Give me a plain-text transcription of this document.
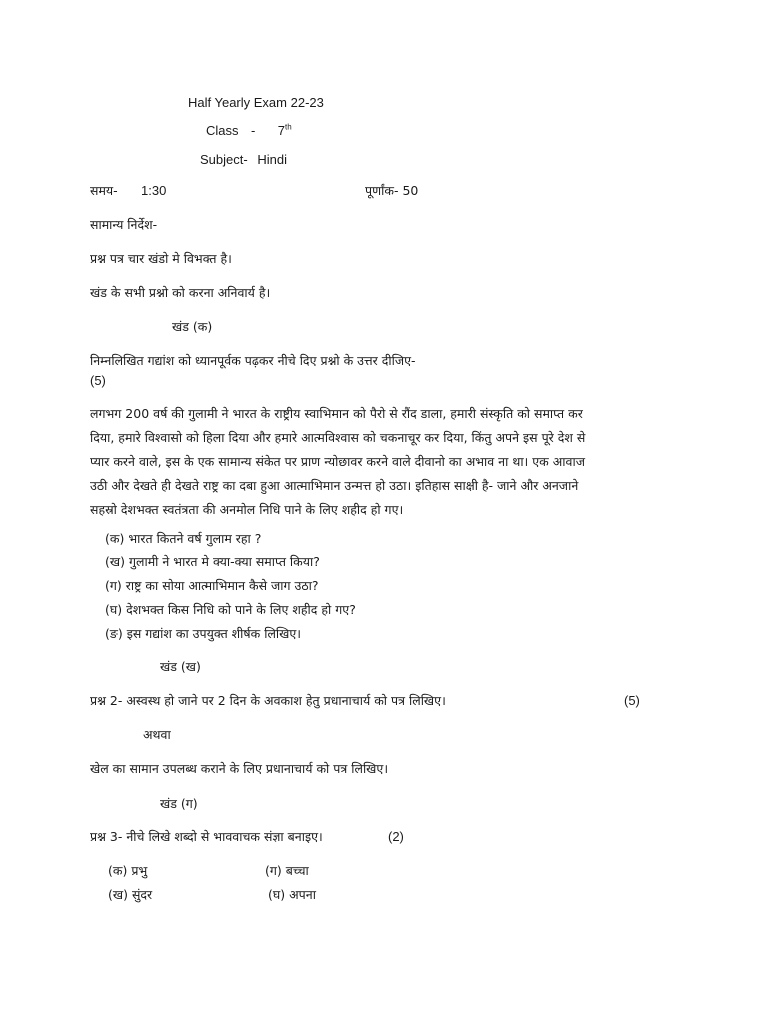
Half Yearly Exam 22-23
Class - 7th
Subject- Hindi
समय- 1:30	पूर्णांक- 50
सामान्य निर्देश-
प्रश्न पत्र चार खंडो मे विभक्त है।
खंड के सभी प्रश्नो को करना अनिवार्य है।
खंड (क)
निम्नलिखित गद्यांश को ध्यानपूर्वक पढ़कर नीचे दिए प्रश्नो के उत्तर दीजिए-
(5)
लगभग 200 वर्ष की गुलामी ने भारत के राष्ट्रीय स्वाभिमान को पैरो से रौंद डाला, हमारी संस्कृति को समाप्त कर
दिया, हमारे विश्वासो को हिला दिया और हमारे आत्मविश्वास को चकनाचूर कर दिया, किंतु अपने इस पूरे देश से
प्यार करने वाले, इस के एक सामान्य संकेत पर प्राण न्योछावर करने वाले दीवानो का अभाव ना था। एक आवाज
उठी और देखते ही देखते राष्ट्र का दबा हुआ आत्माभिमान उन्मत्त हो उठा। इतिहास साक्षी है- जाने और अनजाने
सहस्रो देशभक्त स्वतंत्रता की अनमोल निधि पाने के लिए शहीद हो गए।
(क) भारत कितने वर्ष गुलाम रहा ?
(ख) गुलामी ने भारत मे क्या-क्या समाप्त किया?
(ग) राष्ट्र का सोया आत्माभिमान कैसे जाग उठा?
(घ) देशभक्त किस निधि को पाने के लिए शहीद हो गए?
(ङ) इस गद्यांश का उपयुक्त शीर्षक लिखिए।
खंड (ख)
प्रश्न 2- अस्वस्थ हो जाने पर 2 दिन के अवकाश हेतु प्रधानाचार्य को पत्र लिखिए।	(5)
अथवा
खेल का सामान उपलब्ध कराने के लिए प्रधानाचार्य को पत्र लिखिए।
खंड (ग)
प्रश्न 3- नीचे लिखे शब्दो से भाववाचक संज्ञा बनाइए।	(2)
(क) प्रभु	(ग) बच्चा
(ख) सुंदर	(घ) अपना
